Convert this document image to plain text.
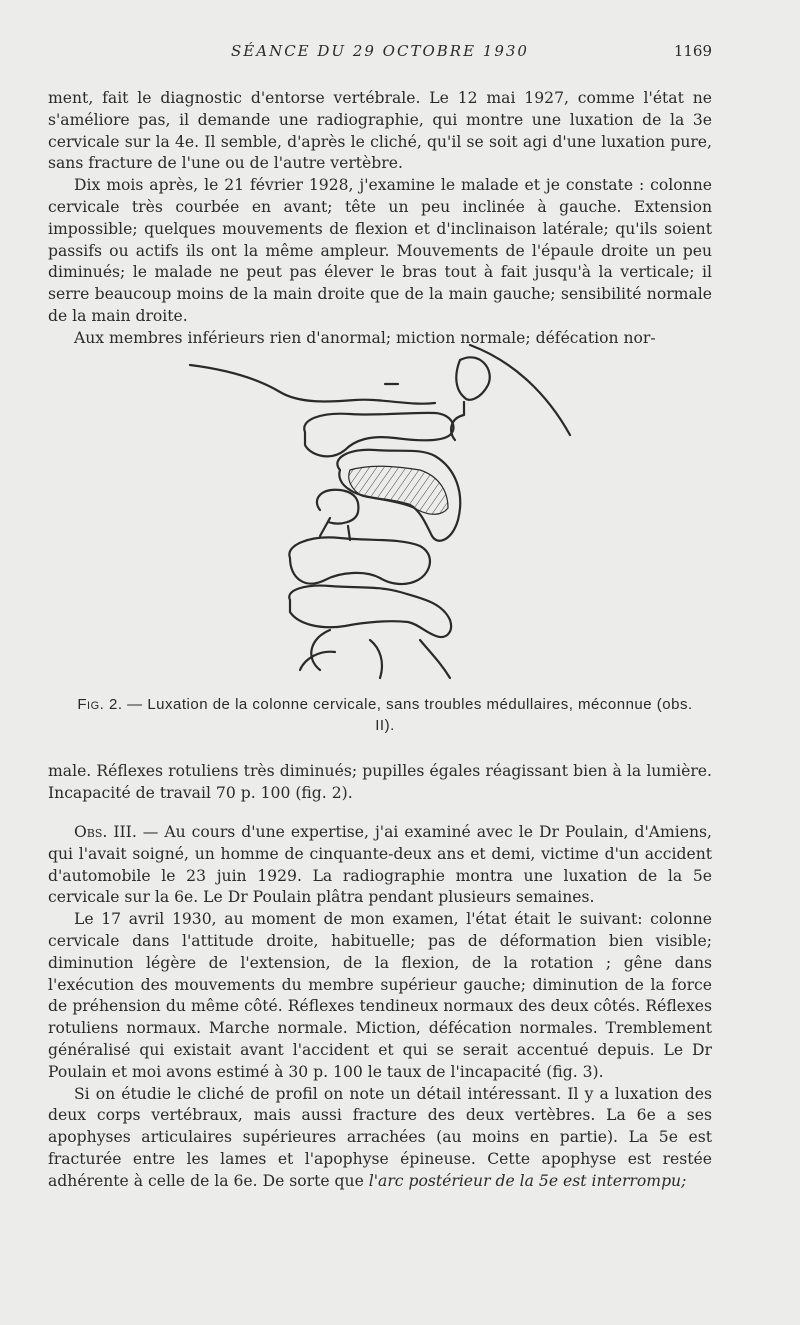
SÉANCE DU 29 OCTOBRE 1930	1169

ment, fait le diagnostic d'entorse vertébrale. Le 12 mai 1927, comme l'état ne s'améliore pas, il demande une radiographie, qui montre une luxation de la 3e cervicale sur la 4e. Il semble, d'après le cliché, qu'il se soit agi d'une luxation pure, sans fracture de l'une ou de l'autre vertèbre.

Dix mois après, le 21 février 1928, j'examine le malade et je constate : colonne cervicale très courbée en avant; tête un peu inclinée à gauche. Extension impossible; quelques mouvements de flexion et d'inclinaison latérale; qu'ils soient passifs ou actifs ils ont la même ampleur. Mouvements de l'épaule droite un peu diminués; le malade ne peut pas élever le bras tout à fait jusqu'à la verticale; il serre beaucoup moins de la main droite que de la main gauche; sensibilité normale de la main droite.

Aux membres inférieurs rien d'anormal; miction normale; défécation nor-

Fig. 2. — Luxation de la colonne cervicale, sans troubles médullaires, méconnue (obs. II).

male. Réflexes rotuliens très diminués; pupilles égales réagissant bien à la lumière. Incapacité de travail 70 p. 100 (fig. 2).

Obs. III. — Au cours d'une expertise, j'ai examiné avec le Dr Poulain, d'Amiens, qui l'avait soigné, un homme de cinquante-deux ans et demi, victime d'un accident d'automobile le 23 juin 1929. La radiographie montra une luxation de la 5e cervicale sur la 6e. Le Dr Poulain plâtra pendant plusieurs semaines.

Le 17 avril 1930, au moment de mon examen, l'état était le suivant: colonne cervicale dans l'attitude droite, habituelle; pas de déformation bien visible; diminution légère de l'extension, de la flexion, de la rotation ; gêne dans l'exécution des mouvements du membre supérieur gauche; diminution de la force de préhension du même côté. Réflexes tendineux normaux des deux côtés. Réflexes rotuliens normaux. Marche normale. Miction, défécation normales. Tremblement généralisé qui existait avant l'accident et qui se serait accentué depuis. Le Dr Poulain et moi avons estimé à 30 p. 100 le taux de l'incapacité (fig. 3).

Si on étudie le cliché de profil on note un détail intéressant. Il y a luxation des deux corps vertébraux, mais aussi fracture des deux vertèbres. La 6e a ses apophyses articulaires supérieures arrachées (au moins en partie). La 5e est fracturée entre les lames et l'apophyse épineuse. Cette apophyse est restée adhérente à celle de la 6e. De sorte que l'arc postérieur de la 5e est interrompu;
